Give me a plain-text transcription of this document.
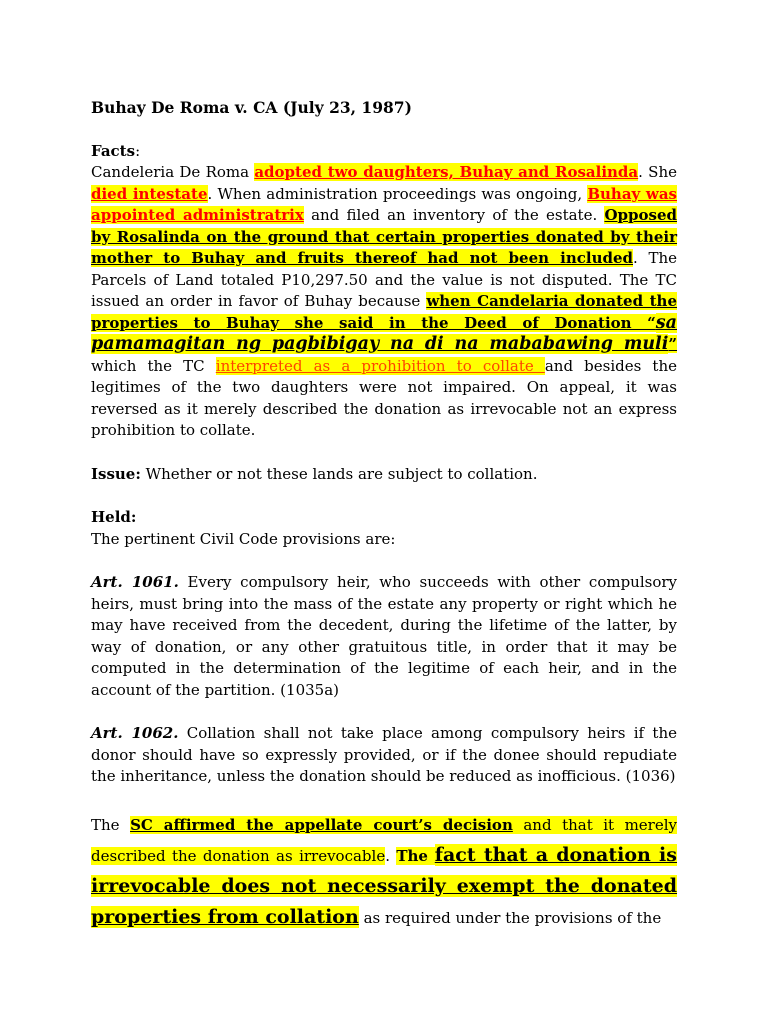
Buhay De Roma v. CA (July 23, 1987)

Facts:

Candeleria De Roma adopted two daughters, Buhay and Rosalinda. She died intestate. When administration proceedings was ongoing, Buhay was appointed administratrix and filed an inventory of the estate. Opposed by Rosalinda on the ground that certain properties donated by their mother to Buhay and fruits thereof had not been included. The Parcels of Land totaled P10,297.50 and the value is not disputed. The TC issued an order in favor of Buhay because when Candelaria donated the properties to Buhay she said in the Deed of Donation “sa pamamagitan ng pagbibigay na di na mababawing muli” which the TC interpreted as a prohibition to collate and besides the legitimes of the two daughters were not impaired. On appeal, it was reversed as it merely described the donation as irrevocable not an express prohibition to collate.

Issue: Whether or not these lands are subject to collation.

Held:

The pertinent Civil Code provisions are:

Art. 1061. Every compulsory heir, who succeeds with other compulsory heirs, must bring into the mass of the estate any property or right which he may have received from the decedent, during the lifetime of the latter, by way of donation, or any other gratuitous title, in order that it may be computed in the determination of the legitime of each heir, and in the account of the partition. (1035a)

Art. 1062. Collation shall not take place among compulsory heirs if the donor should have so expressly provided, or if the donee should repudiate the inheritance, unless the donation should be reduced as inofficious. (1036)

The SC affirmed the appellate court’s decision and that it merely described the donation as irrevocable. The fact that a donation is irrevocable does not necessarily exempt the donated properties from collation as required under the provisions of the
